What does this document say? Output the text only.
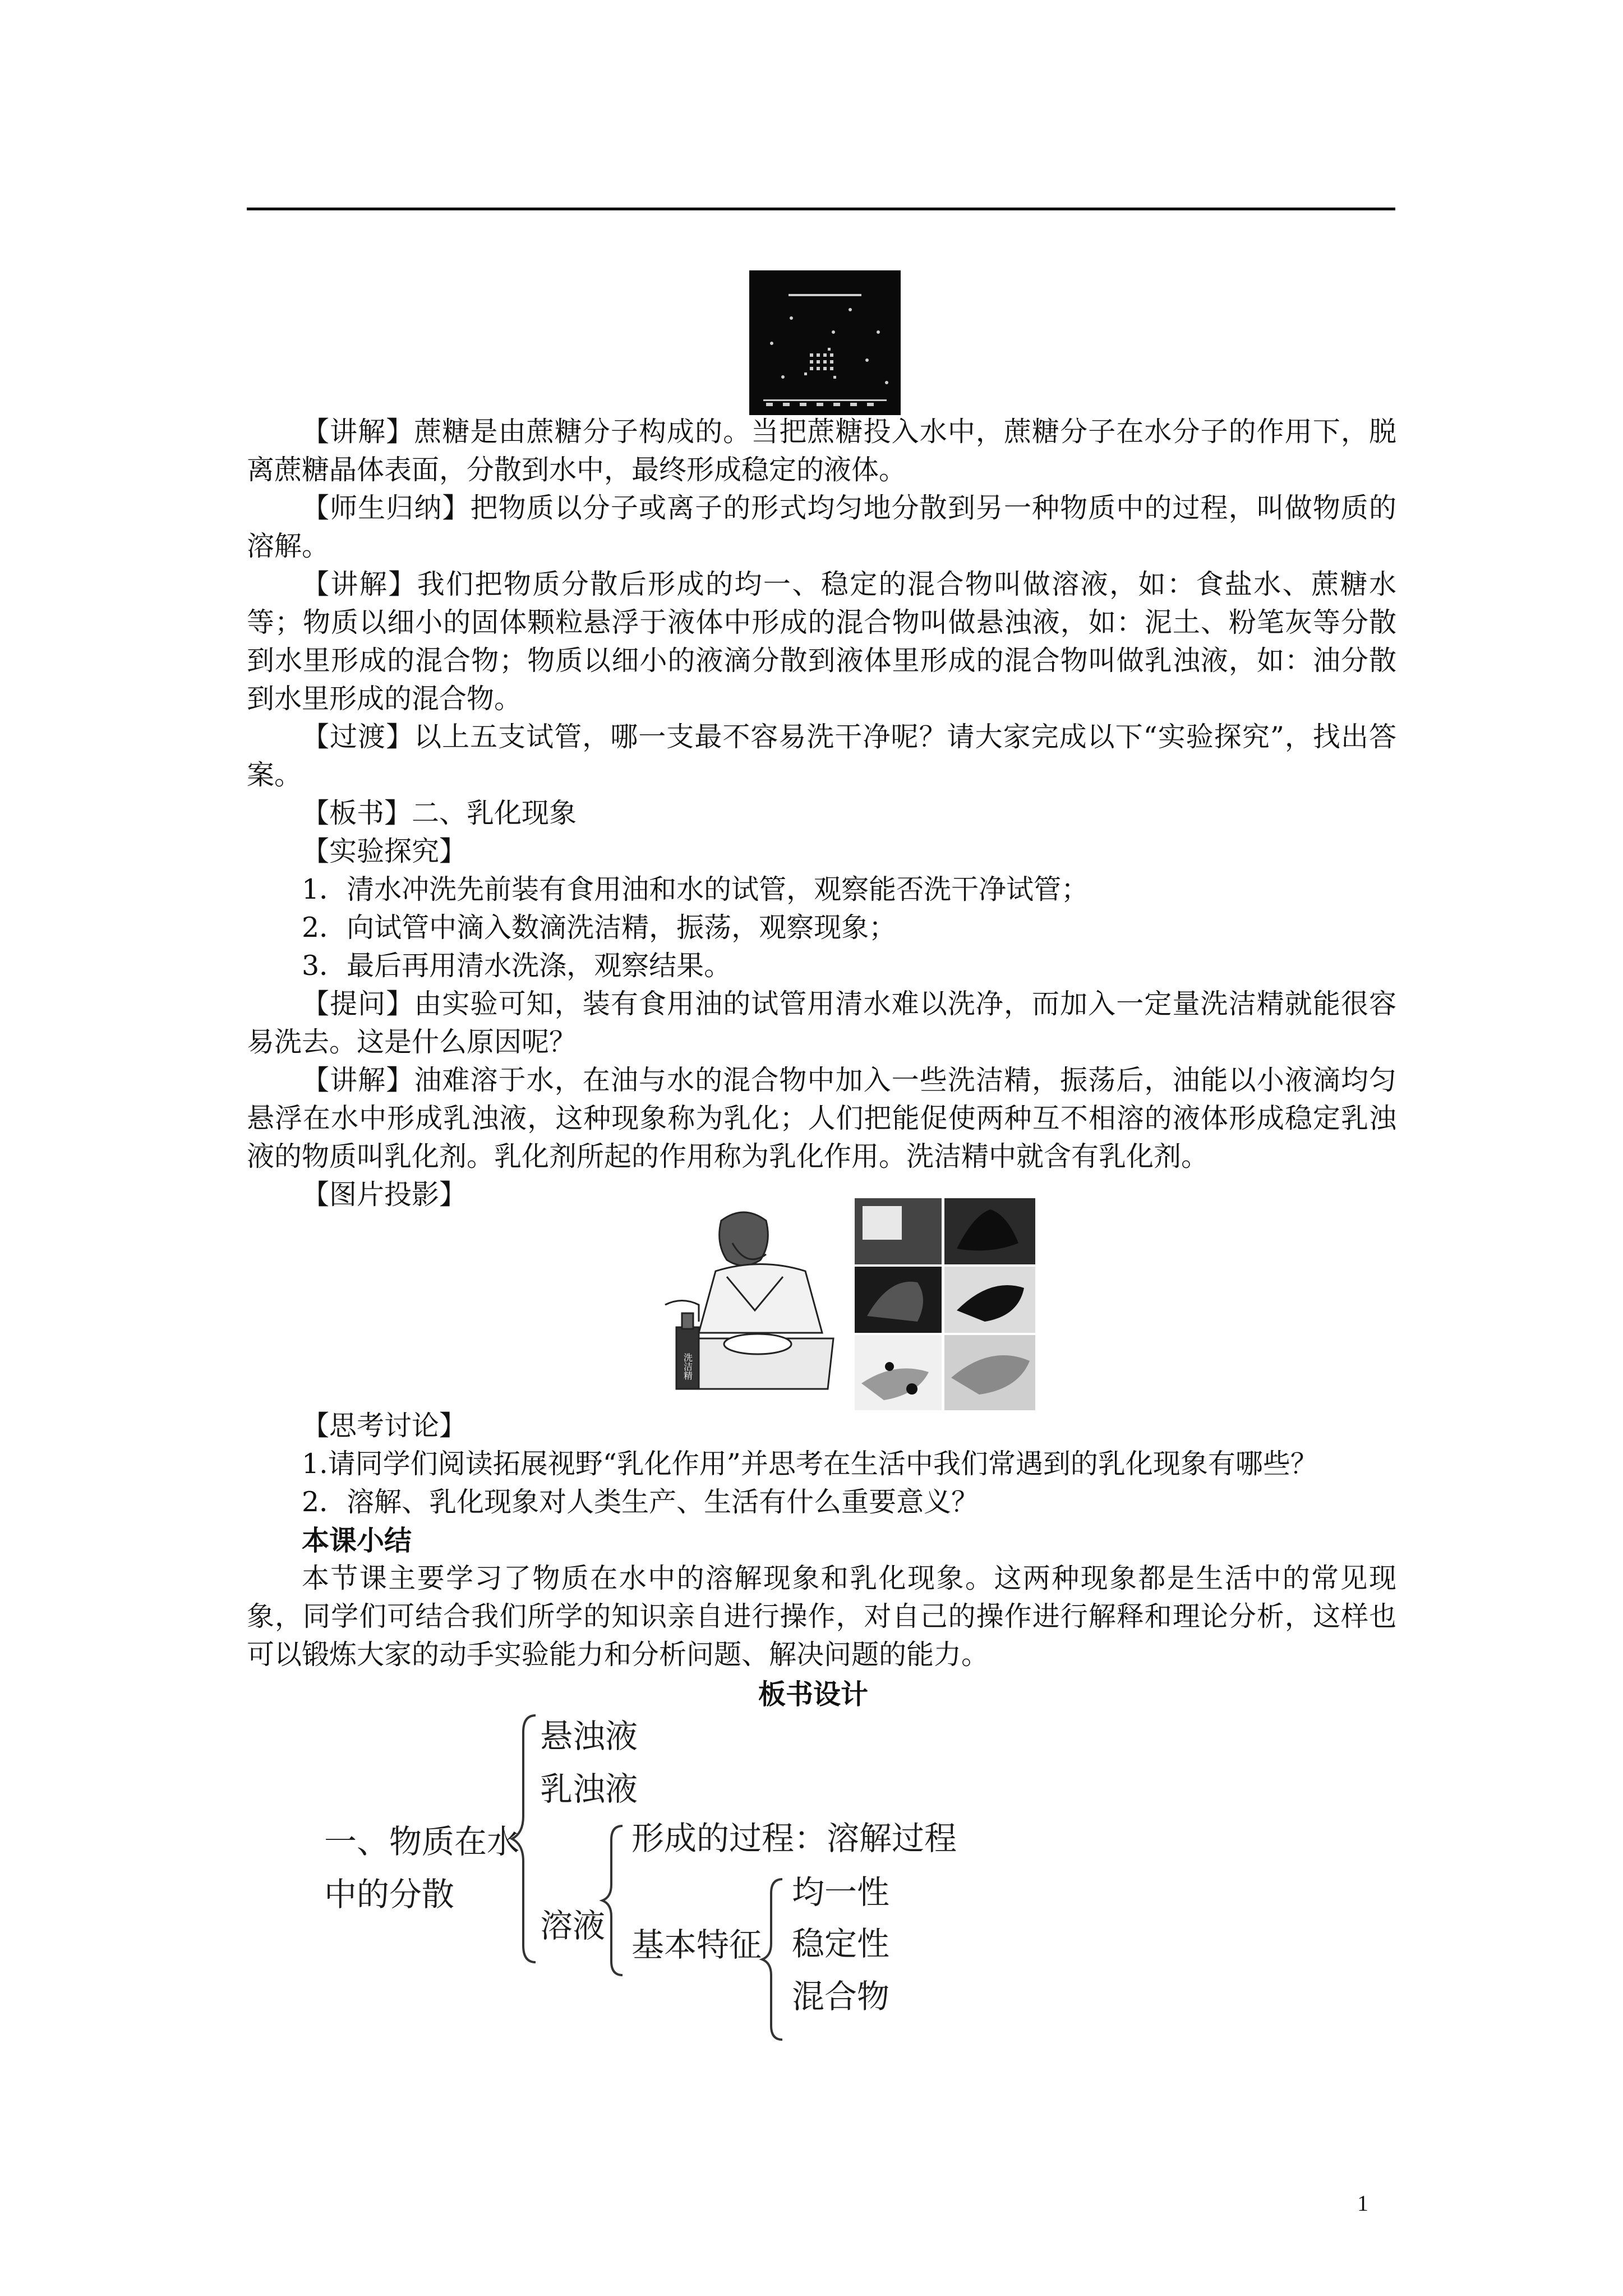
【讲解】蔗糖是由蔗糖分子构成的。当把蔗糖投入水中，蔗糖分子在水分子的作用下，脱离蔗糖晶体表面，分散到水中，最终形成稳定的液体。

【师生归纳】把物质以分子或离子的形式均匀地分散到另一种物质中的过程，叫做物质的溶解。

【讲解】我们把物质分散后形成的均一、稳定的混合物叫做溶液，如：食盐水、蔗糖水等；物质以细小的固体颗粒悬浮于液体中形成的混合物叫做悬浊液，如：泥土、粉笔灰等分散到水里形成的混合物；物质以细小的液滴分散到液体里形成的混合物叫做乳浊液，如：油分散到水里形成的混合物。

【过渡】以上五支试管，哪一支最不容易洗干净呢？请大家完成以下“实验探究”，找出答案。

【板书】二、乳化现象

【实验探究】

1．清水冲洗先前装有食用油和水的试管，观察能否洗干净试管；

2．向试管中滴入数滴洗洁精，振荡，观察现象；

3．最后再用清水洗涤，观察结果。

【提问】由实验可知，装有食用油的试管用清水难以洗净，而加入一定量洗洁精就能很容易洗去。这是什么原因呢？

【讲解】油难溶于水，在油与水的混合物中加入一些洗洁精，振荡后，油能以小液滴均匀悬浮在水中形成乳浊液，这种现象称为乳化；人们把能促使两种互不相溶的液体形成稳定乳浊液的物质叫乳化剂。乳化剂所起的作用称为乳化作用。洗洁精中就含有乳化剂。

【图片投影】

洗洁精

【思考讨论】

1.请同学们阅读拓展视野“乳化作用”并思考在生活中我们常遇到的乳化现象有哪些？

2．溶解、乳化现象对人类生产、生活有什么重要意义？

本课小结

本节课主要学习了物质在水中的溶解现象和乳化现象。这两种现象都是生活中的常见现象，同学们可结合我们所学的知识亲自进行操作，对自己的操作进行解释和理论分析，这样也可以锻炼大家的动手实验能力和分析问题、解决问题的能力。

板书设计
悬浊液
乳浊液
一、物质在水
中的分散
溶液
形成的过程：溶解过程
基本特征
均一性
稳定性
混合物
1
